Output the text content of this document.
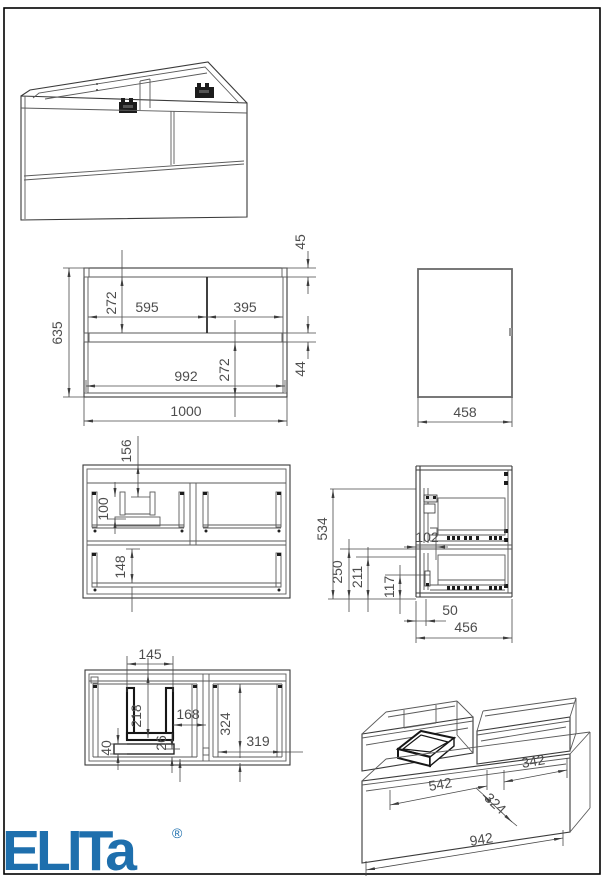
635
272 595	395
45
44
992 272
1000	458
156
100
148
534
250 211 117
102
50
456
145
218 168
40	26
324
319
542
342
324
942
ELITa	®
